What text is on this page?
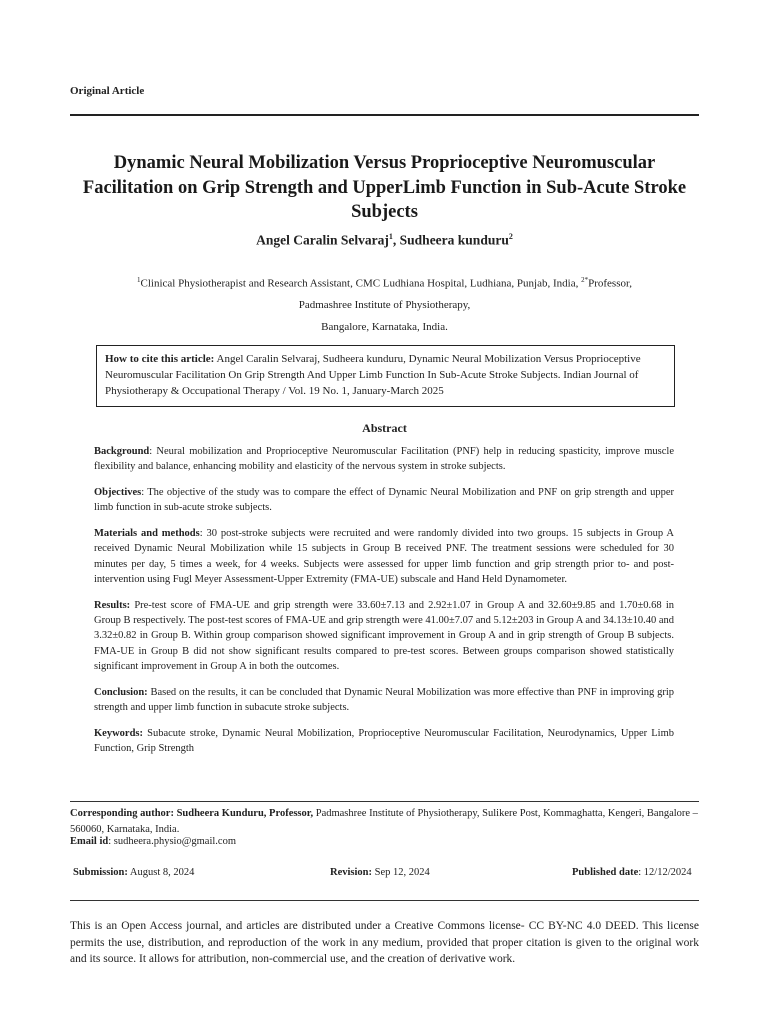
Original Article
Dynamic Neural Mobilization Versus Proprioceptive Neuromuscular Facilitation on Grip Strength and UpperLimb Function in Sub-Acute Stroke Subjects
Angel Caralin Selvaraj$^1$, Sudheera kunduru$^2$
$^1$Clinical Physiotherapist and Research Assistant, CMC Ludhiana Hospital, Ludhiana, Punjab, India, $^{2*}$Professor,
Padmashree Institute of Physiotherapy,
Bangalore, Karnataka, India.
How to cite this article: Angel Caralin Selvaraj, Sudheera kunduru, Dynamic Neural Mobilization Versus Proprioceptive Neuromuscular Facilitation On Grip Strength And Upper Limb Function In Sub-Acute Stroke Subjects. Indian Journal of Physiotherapy & Occupational Therapy / Vol. 19 No. 1, January-March 2025
Abstract

Background: Neural mobilization and Proprioceptive Neuromuscular Facilitation (PNF) help in reducing spasticity, improve muscle flexibility and balance, enhancing mobility and elasticity of the nervous system in stroke subjects.

Objectives: The objective of the study was to compare the effect of Dynamic Neural Mobilization and PNF on grip strength and upper limb function in sub-acute stroke subjects.

Materials and methods: 30 post-stroke subjects were recruited and were randomly divided into two groups. 15 subjects in Group A received Dynamic Neural Mobilization while 15 subjects in Group B received PNF. The treatment sessions were scheduled for 30 minutes per day, 5 times a week, for 4 weeks. Subjects were assessed for upper limb function and grip strength prior to- and post-intervention using Fugl Meyer Assessment-Upper Extremity (FMA-UE) subscale and Hand Held Dynamometer.

Results: Pre-test score of FMA-UE and grip strength were 33.60±7.13 and 2.92±1.07 in Group A and 32.60±9.85 and 1.70±0.68 in Group B respectively. The post-test scores of FMA-UE and grip strength were 41.00±7.07 and 5.12±203 in Group A and 34.13±10.40 and 3.32±0.82 in Group B. Within group comparison showed significant improvement in Group A and in grip strength of Group B subjects. FMA-UE in Group B did not show significant results compared to pre-test scores. Between groups comparison showed statistically significant improvement in Group A in both the outcomes.

Conclusion: Based on the results, it can be concluded that Dynamic Neural Mobilization was more effective than PNF in improving grip strength and upper limb function in subacute stroke subjects.

Keywords: Subacute stroke, Dynamic Neural Mobilization, Proprioceptive Neuromuscular Facilitation, Neurodynamics, Upper Limb Function, Grip Strength

Corresponding author: Sudheera Kunduru, Professor, Padmashree Institute of Physiotherapy, Sulikere Post, Kommaghatta, Kengeri, Bangalore – 560060, Karnataka, India.
Email id: sudheera.physio@gmail.com
Submission: August 8, 2024	Revision: Sep 12, 2024	Published date: 12/12/2024
This is an Open Access journal, and articles are distributed under a Creative Commons license- CC BY-NC 4.0 DEED. This license permits the use, distribution, and reproduction of the work in any medium, provided that proper citation is given to the original work and its source. It allows for attribution, non-commercial use, and the creation of derivative work.
